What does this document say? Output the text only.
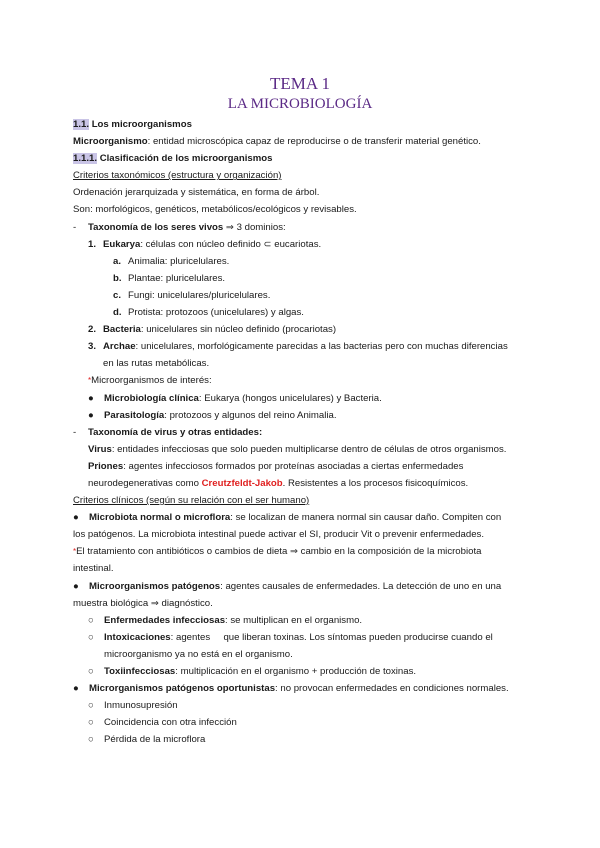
TEMA 1
LA MICROBIOLOGÍA
1.1. Los microorganismos
Microorganismo: entidad microscópica capaz de reproducirse o de transferir material genético.
1.1.1. Clasificación de los microorganismos
Criterios taxonómicos (estructura y organización)
Ordenación jerarquizada y sistemática, en forma de árbol.
Son: morfológicos, genéticos, metabólicos/ecológicos y revisables.
- Taxonomía de los seres vivos ⇒ 3 dominios:
1. Eukarya: células con núcleo definido ⊂ eucariotas.
a. Animalia: pluricelulares.
b. Plantae: pluricelulares.
c. Fungi: unicelulares/pluricelulares.
d. Protista: protozoos (unicelulares) y algas.
2. Bacteria: unicelulares sin núcleo definido (procariotas)
3. Archae: unicelulares, morfológicamente parecidas a las bacterias pero con muchas diferencias
en las rutas metabólicas.
*Microorganismos de interés:
● Microbiología clínica: Eukarya (hongos unicelulares) y Bacteria.
● Parasitología: protozoos y algunos del reino Animalia.
- Taxonomía de virus y otras entidades:
Virus: entidades infecciosas que solo pueden multiplicarse dentro de células de otros organismos.
Priones: agentes infecciosos formados por proteínas asociadas a ciertas enfermedades
neurodegenerativas como Creutzfeldt-Jakob. Resistentes a los procesos fisicoquímicos.
Criterios clínicos (según su relación con el ser humano)
● Microbiota normal o microflora: se localizan de manera normal sin causar daño. Compiten con
los patógenos. La microbiota intestinal puede activar el SI, producir Vit o prevenir enfermedades.
*El tratamiento con antibióticos o cambios de dieta ⇒ cambio en la composición de la microbiota
intestinal.
● Microorganismos patógenos: agentes causales de enfermedades. La detección de uno en una
muestra biológica ⇒ diagnóstico.
○ Enfermedades infecciosas: se multiplican en el organismo.
○ Intoxicaciones: agentes     que liberan toxinas. Los síntomas pueden producirse cuando el
microorganismo ya no está en el organismo.
○ Toxiinfecciosas: multiplicación en el organismo + producción de toxinas.
● Microrganismos patógenos oportunistas: no provocan enfermedades en condiciones normales.
○ Inmunosupresión
○ Coincidencia con otra infección
○ Pérdida de la microflora
